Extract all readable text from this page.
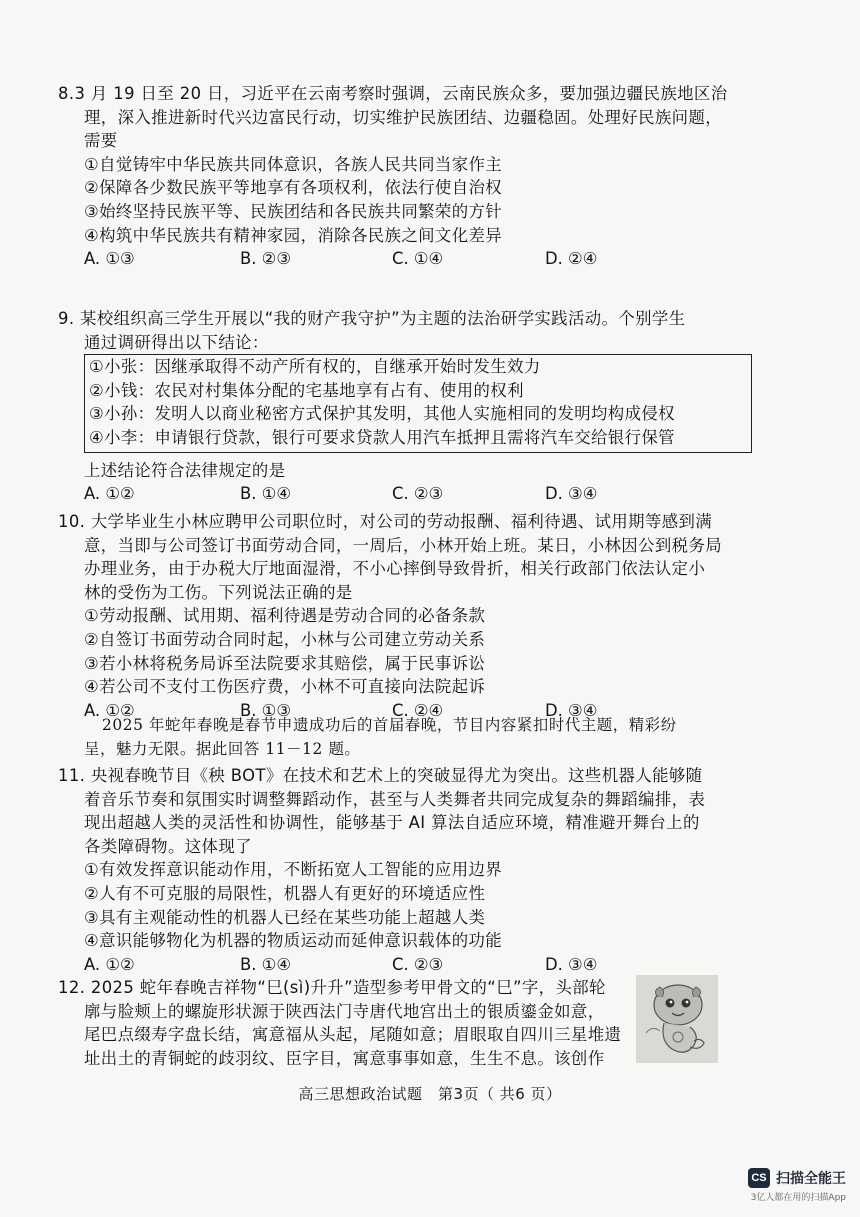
8.3 月 19 日至 20 日，习近平在云南考察时强调，云南民族众多，要加强边疆民族地区治
理，深入推进新时代兴边富民行动，切实维护民族团结、边疆稳固。处理好民族问题，
需要
①自觉铸牢中华民族共同体意识，各族人民共同当家作主
②保障各少数民族平等地享有各项权利，依法行使自治权
③始终坚持民族平等、民族团结和各民族共同繁荣的方针
④构筑中华民族共有精神家园，消除各民族之间文化差异
A. ①③	B. ②③	C. ①④	D. ②④
9. 某校组织高三学生开展以“我的财产我守护”为主题的法治研学实践活动。个别学生
通过调研得出以下结论：
①小张：因继承取得不动产所有权的，自继承开始时发生效力
②小钱：农民对村集体分配的宅基地享有占有、使用的权利
③小孙：发明人以商业秘密方式保护其发明，其他人实施相同的发明均构成侵权
④小李：申请银行贷款，银行可要求贷款人用汽车抵押且需将汽车交给银行保管
上述结论符合法律规定的是
A. ①②	B. ①④	C. ②③	D. ③④
10. 大学毕业生小林应聘甲公司职位时，对公司的劳动报酬、福利待遇、试用期等感到满
意，当即与公司签订书面劳动合同，一周后，小林开始上班。某日，小林因公到税务局
办理业务，由于办税大厅地面湿滑，不小心摔倒导致骨折，相关行政部门依法认定小
林的受伤为工伤。下列说法正确的是
①劳动报酬、试用期、福利待遇是劳动合同的必备条款
②自签订书面劳动合同时起，小林与公司建立劳动关系
③若小林将税务局诉至法院要求其赔偿，属于民事诉讼
④若公司不支付工伤医疗费，小林不可直接向法院起诉
A. ①②	B. ①③	C. ②④	D. ③④
2025 年蛇年春晚是春节申遗成功后的首届春晚，节目内容紧扣时代主题，精彩纷
呈，魅力无限。据此回答 11－12 题。
11. 央视春晚节目《秧 BOT》在技术和艺术上的突破显得尤为突出。这些机器人能够随
着音乐节奏和氛围实时调整舞蹈动作，甚至与人类舞者共同完成复杂的舞蹈编排，表
现出超越人类的灵活性和协调性，能够基于 AI 算法自适应环境，精准避开舞台上的
各类障碍物。这体现了
①有效发挥意识能动作用，不断拓宽人工智能的应用边界
②人有不可克服的局限性，机器人有更好的环境适应性
③具有主观能动性的机器人已经在某些功能上超越人类
④意识能够物化为机器的物质运动而延伸意识载体的功能
A. ①②	B. ①④	C. ②③	D. ③④
12. 2025 蛇年春晚吉祥物“巳(sì)升升”造型参考甲骨文的“巳”字，头部轮
廓与脸颊上的螺旋形状源于陕西法门寺唐代地宫出土的银质鎏金如意，
尾巴点缀寿字盘长结，寓意福从头起，尾随如意；眉眼取自四川三星堆遗
址出土的青铜蛇的歧羽纹、臣字目，寓意事事如意，生生不息。该创作
高三思想政治试题　第3页（ 共6 页）
CS 扫描全能王
3亿人都在用的扫描App
